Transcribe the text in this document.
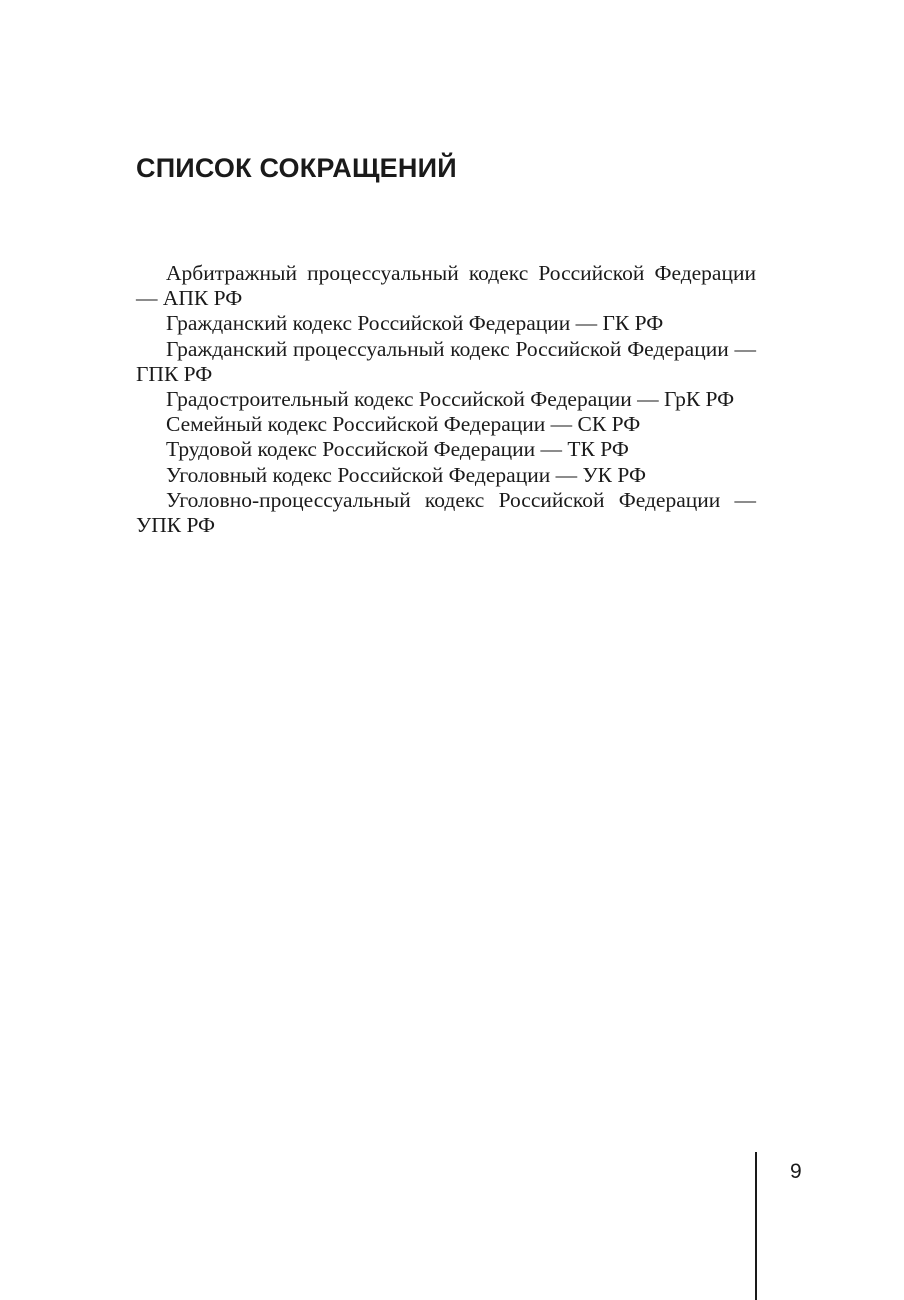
СПИСОК СОКРАЩЕНИЙ

Арбитражный процессуальный кодекс Российской Федерации — АПК РФ

Гражданский кодекс Российской Федерации — ГК РФ

Гражданский процессуальный кодекс Российской Федерации — ГПК РФ

Градостроительный кодекс Российской Федерации — ГрК РФ

Семейный кодекс Российской Федерации — СК РФ

Трудовой кодекс Российской Федерации — ТК РФ

Уголовный кодекс Российской Федерации — УК РФ

Уголовно-процессуальный кодекс Российской Федерации — УПК РФ

9
